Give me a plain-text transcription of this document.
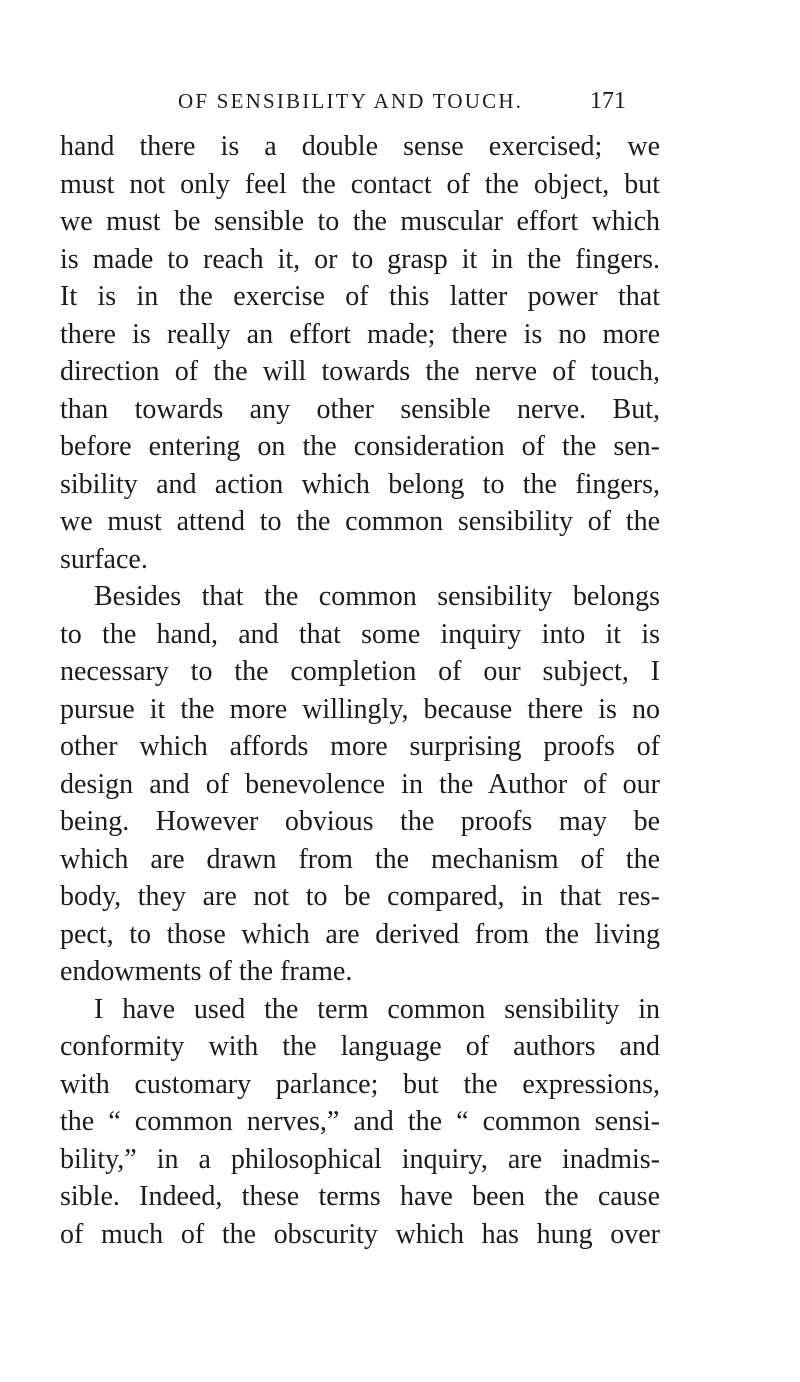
OF SENSIBILITY AND TOUCH.	171
hand there is a double sense exercised; we
must not only feel the contact of the object, but
we must be sensible to the muscular effort which
is made to reach it, or to grasp it in the fingers.
It is in the exercise of this latter power that
there is really an effort made; there is no more
direction of the will towards the nerve of touch,
than towards any other sensible nerve. But,
before entering on the consideration of the sen-
sibility and action which belong to the fingers,
we must attend to the common sensibility of the
surface.
Besides that the common sensibility belongs
to the hand, and that some inquiry into it is
necessary to the completion of our subject, I
pursue it the more willingly, because there is no
other which affords more surprising proofs of
design and of benevolence in the Author of our
being. However obvious the proofs may be
which are drawn from the mechanism of the
body, they are not to be compared, in that res-
pect, to those which are derived from the living
endowments of the frame.
I have used the term common sensibility in
conformity with the language of authors and
with customary parlance; but the expressions,
the “ common nerves,” and the “ common sensi-
bility,” in a philosophical inquiry, are inadmis-
sible. Indeed, these terms have been the cause
of much of the obscurity which has hung over
